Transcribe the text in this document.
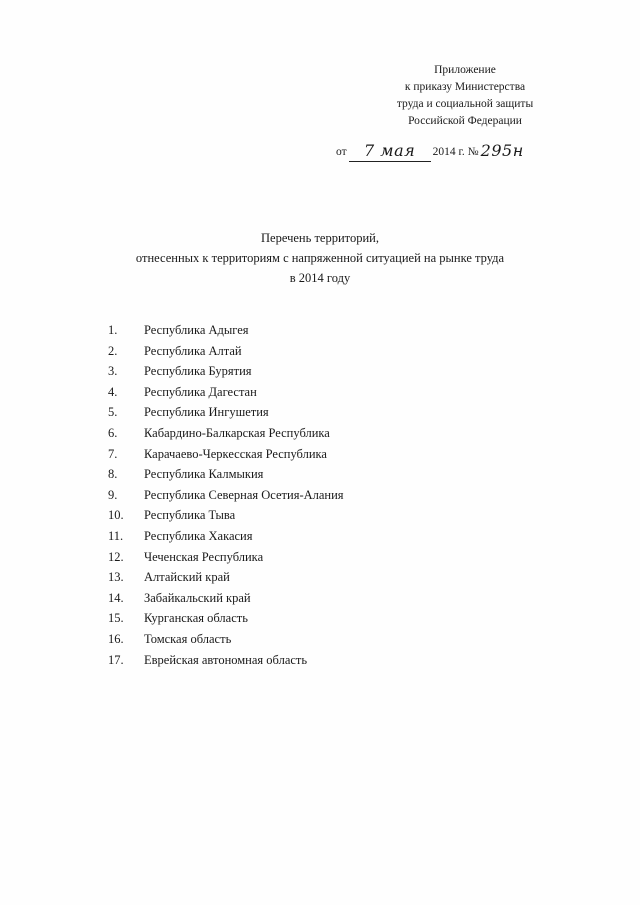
Приложение
к приказу Министерства
труда и социальной защиты
Российской Федерации
от 7 мая 2014 г. № 295н
Перечень территорий,
отнесенных к территориям с напряженной ситуацией на рынке труда
в 2014 году
1.	Республика Адыгея
2.	Республика Алтай
3.	Республика Бурятия
4.	Республика Дагестан
5.	Республика Ингушетия
6.	Кабардино-Балкарская Республика
7.	Карачаево-Черкесская Республика
8.	Республика Калмыкия
9.	Республика Северная Осетия-Алания
10.	Республика Тыва
11.	Республика Хакасия
12.	Чеченская Республика
13.	Алтайский край
14.	Забайкальский край
15.	Курганская область
16.	Томская область
17.	Еврейская автономная область
